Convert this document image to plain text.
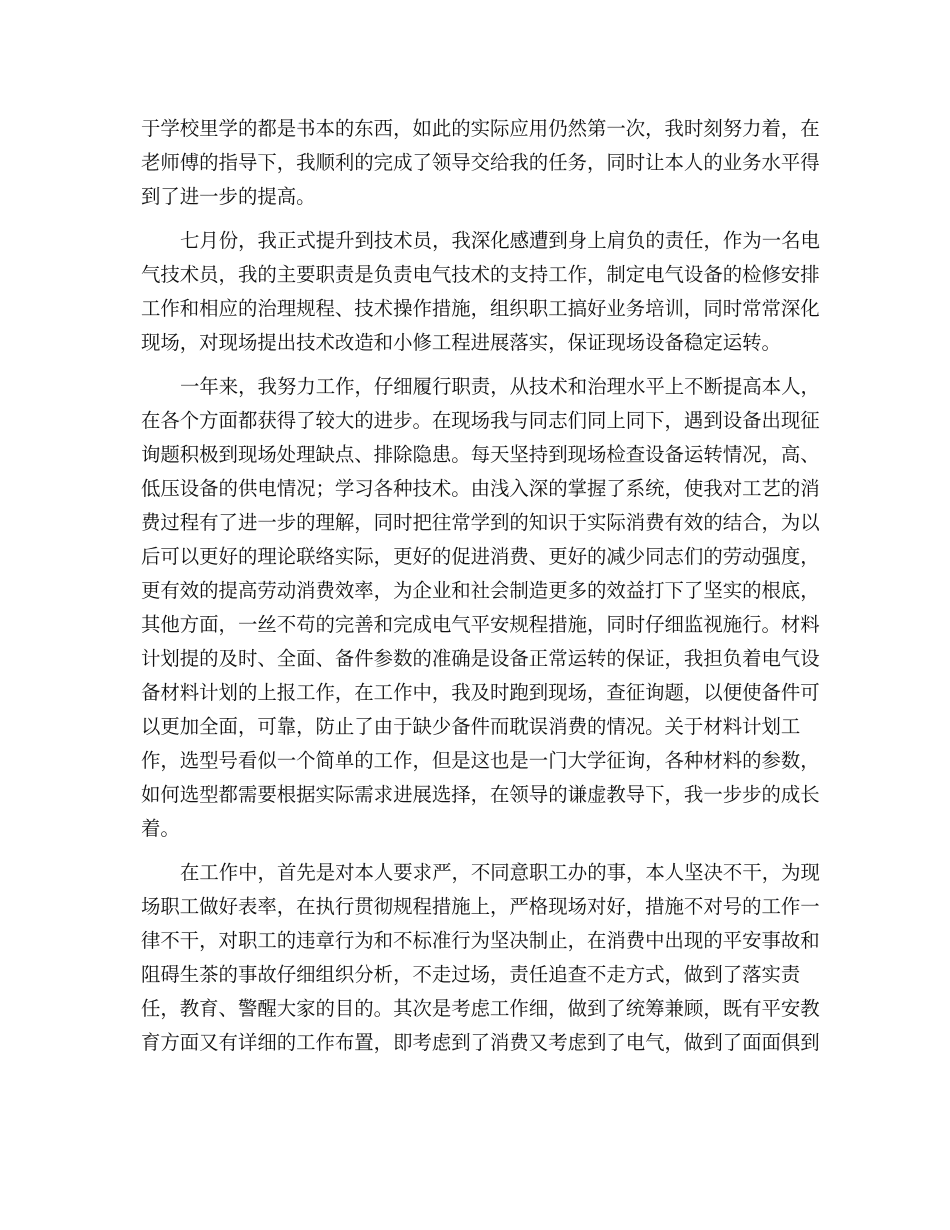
于学校里学的都是书本的东西，如此的实际应用仍然第一次，我时刻努力着，在
老师傅的指导下，我顺利的完成了领导交给我的任务，同时让本人的业务水平得
到了进一步的提高。
七月份，我正式提升到技术员，我深化感遭到身上肩负的责任，作为一名电
气技术员，我的主要职责是负责电气技术的支持工作，制定电气设备的检修安排
工作和相应的治理规程、技术操作措施，组织职工搞好业务培训，同时常常深化
现场，对现场提出技术改造和小修工程进展落实，保证现场设备稳定运转。
一年来，我努力工作，仔细履行职责，从技术和治理水平上不断提高本人，
在各个方面都获得了较大的进步。在现场我与同志们同上同下，遇到设备出现征
询题积极到现场处理缺点、排除隐患。每天坚持到现场检查设备运转情况，高、
低压设备的供电情况；学习各种技术。由浅入深的掌握了系统，使我对工艺的消
费过程有了进一步的理解，同时把往常学到的知识于实际消费有效的结合，为以
后可以更好的理论联络实际，更好的促进消费、更好的减少同志们的劳动强度，
更有效的提高劳动消费效率，为企业和社会制造更多的效益打下了坚实的根底，
其他方面，一丝不苟的完善和完成电气平安规程措施，同时仔细监视施行。材料
计划提的及时、全面、备件参数的准确是设备正常运转的保证，我担负着电气设
备材料计划的上报工作，在工作中，我及时跑到现场，查征询题，以便使备件可
以更加全面，可靠，防止了由于缺少备件而耽误消费的情况。关于材料计划工
作，选型号看似一个简单的工作，但是这也是一门大学征询，各种材料的参数，
如何选型都需要根据实际需求进展选择，在领导的谦虚教导下，我一步步的成长
着。
在工作中，首先是对本人要求严，不同意职工办的事，本人坚决不干，为现
场职工做好表率，在执行贯彻规程措施上，严格现场对好，措施不对号的工作一
律不干，对职工的违章行为和不标准行为坚决制止，在消费中出现的平安事故和
阻碍生茶的事故仔细组织分析，不走过场，责任追查不走方式，做到了落实责
任，教育、警醒大家的目的。其次是考虑工作细，做到了统筹兼顾，既有平安教
育方面又有详细的工作布置，即考虑到了消费又考虑到了电气，做到了面面俱到
